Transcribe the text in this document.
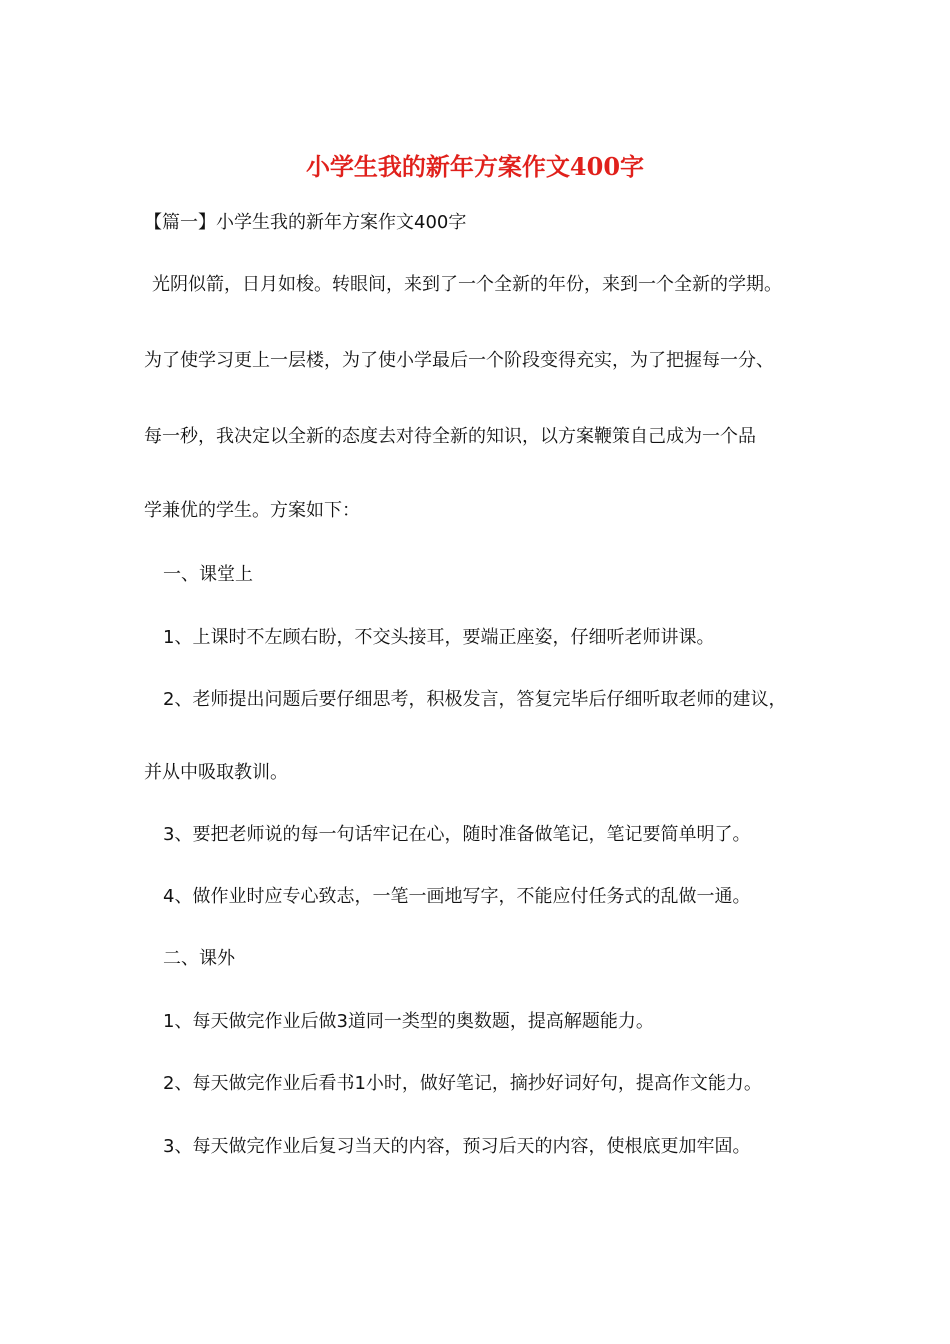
小学生我的新年方案作文400字

【篇一】小学生我的新年方案作文400字

光阴似箭，日月如梭。转眼间，来到了一个全新的年份，来到一个全新的学期。

为了使学习更上一层楼，为了使小学最后一个阶段变得充实，为了把握每一分、

每一秒，我决定以全新的态度去对待全新的知识，以方案鞭策自己成为一个品

学兼优的学生。方案如下：

一、课堂上

1、上课时不左顾右盼，不交头接耳，要端正座姿，仔细听老师讲课。

2、老师提出问题后要仔细思考，积极发言，答复完毕后仔细听取老师的建议，

并从中吸取教训。

3、要把老师说的每一句话牢记在心，随时准备做笔记，笔记要简单明了。

4、做作业时应专心致志，一笔一画地写字，不能应付任务式的乱做一通。

二、课外

1、每天做完作业后做3道同一类型的奥数题，提高解题能力。

2、每天做完作业后看书1小时，做好笔记，摘抄好词好句，提高作文能力。

3、每天做完作业后复习当天的内容，预习后天的内容，使根底更加牢固。
